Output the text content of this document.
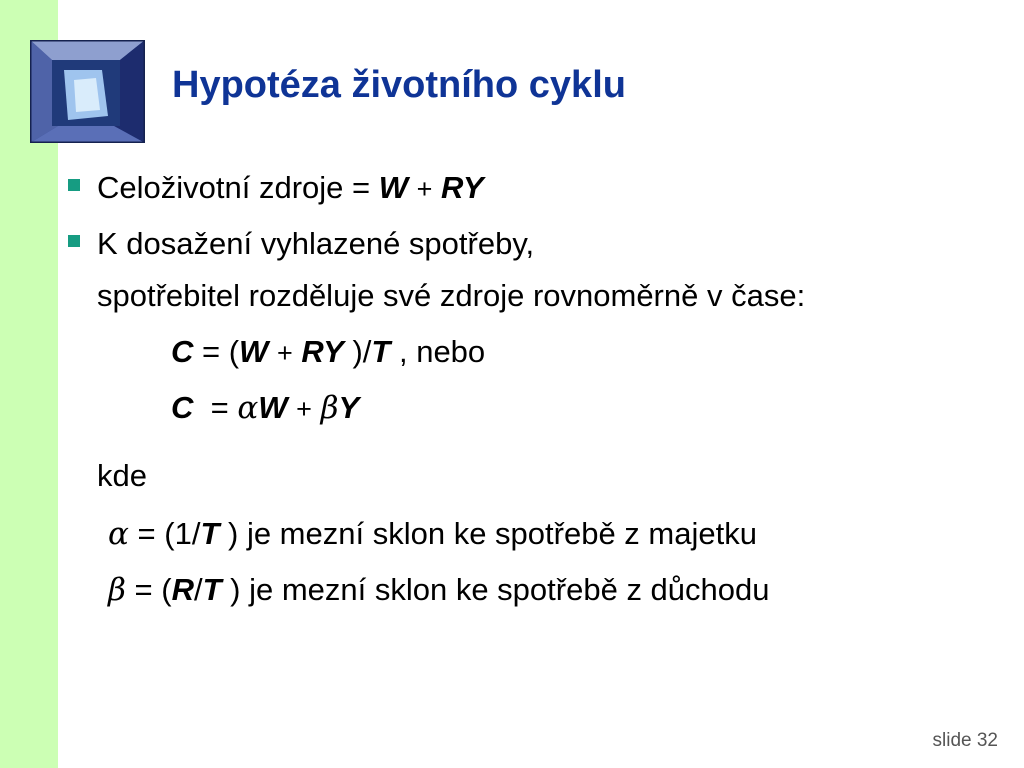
Hypotéza životního cyklu
Celoživotní zdroje = W + RY
K dosažení vyhlazené spotřeby,
spotřebitel rozděluje své zdroje rovnoměrně v čase:
C = (W + RY )/T , nebo
C  = αW + βY
kde
α = (1/T ) je mezní sklon ke spotřebě z majetku
β = (R/T ) je mezní sklon ke spotřebě z důchodu
slide 32
